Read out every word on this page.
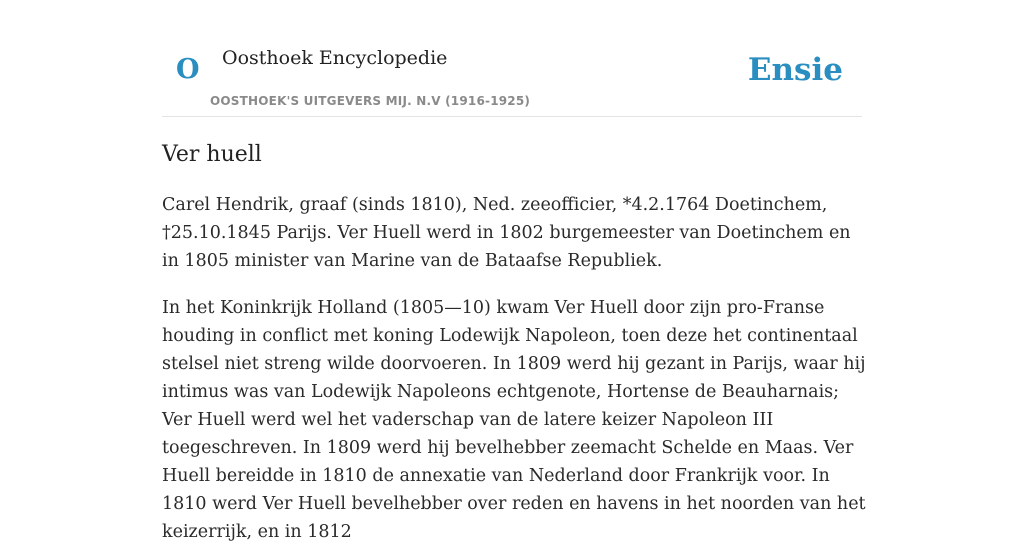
O Oosthoek Encyclopedie
OOSTHOEK'S UITGEVERS MIJ. N.V (1916-1925)
Ensie
Ver huell

Carel Hendrik, graaf (sinds 1810), Ned. zeeofficier, *4.2.1764 Doetinchem, †25.10.1845 Parijs. Ver Huell werd in 1802 burgemeester van Doetinchem en in 1805 minister van Marine van de Bataafse Republiek.

In het Koninkrijk Holland (1805—10) kwam Ver Huell door zijn pro-Franse houding in conflict met koning Lodewijk Napoleon, toen deze het continentaal stelsel niet streng wilde doorvoeren. In 1809 werd hij gezant in Parijs, waar hij intimus was van Lodewijk Napoleons echtgenote, Hortense de Beauharnais; Ver Huell werd wel het vaderschap van de latere keizer Napoleon III toegeschreven. In 1809 werd hij bevelhebber zeemacht Schelde en Maas. Ver Huell bereidde in 1810 de annexatie van Nederland door Frankrijk voor. In 1810 werd Ver Huell bevelhebber over reden en havens in het noorden van het keizerrijk, en in 1812
